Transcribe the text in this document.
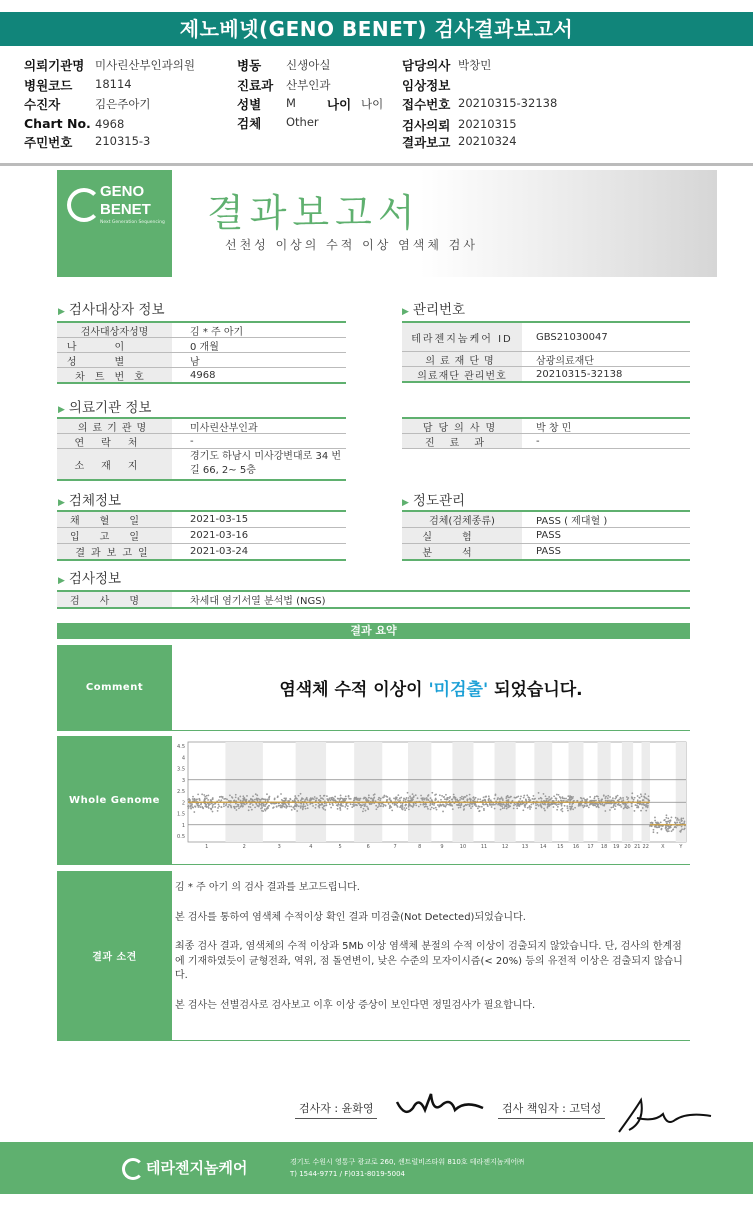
제노베넷(GENO BENET) 검사결과보고서
의뢰기관명 미사린산부인과의원	병동 신생아실	담당의사 박창민
병원코드 18114	진료과 산부인과	임상정보
수진자	김은주아기	성별 M 나이 나이 접수번호 20210315-32138
Chart No. 4968	검체 Other	검사의뢰 20210315
주민번호 210315-3	결과보고 20210324
GENO
BENET
Next Generation Sequencing 결과보고서
선천성 이상의 수적 이상 염색체 검사
▶ 검사대상자 정보
검사대상자성명	김 * 주 아기
나이	0 개월
성별	남
차트번호	4968
▶ 관리번호
테라젠지놈케어 ID	GBS21030047
의료재단명	삼광의료재단
의료재단 관리번호	20210315-32138
▶ 의료기관 정보
의료기관명	미사린산부인과
연락처	-
소재지
경기도 하남시 미사강변대로 34 번길 66, 2~ 5층
담당의사명	박 창 민
진료과	-
▶ 검체정보
채혈일	2021-03-15
입고일	2021-03-16
결과보고일	2021-03-24
▶ 정도관리
검체(검체종류)	PASS ( 제대혈 )
실험	PASS
분석	PASS
▶ 검사정보
검사명	차세대 염기서열 분석법 (NGS)
결과 요약
Comment	염색체 수적 이상이 '미검출' 되었습니다.
Whole Genome
0.5
1
1.5
2
2.5
3
3.5
4
4.5
1	2	3	4	5	6	7	8	9	10	11	12	13 14 15 16 17 18 19 20 21 22 X	Y
결과 소견

김 * 주 아기 의 검사 결과를 보고드립니다.

본 검사를 통하여 염색체 수적이상 확인 결과 미검출(Not Detected)되었습니다.

최종 검사 결과, 염색체의 수적 이상과 5Mb 이상 염색체 분절의 수적 이상이 검출되지 않았습니다. 단, 검사의 한계점에 기재하였듯이 균형전좌, 역위, 점 돌연변이, 낮은 수준의 모자이시즘(< 20%) 등의 유전적 이상은 검출되지 않습니다.

본 검사는 선별검사로 검사보고 이후 이상 증상이 보인다면 정밀검사가 필요합니다.

검사자 : 윤화영	검사 책임자 : 고덕성
테라젠지놈케어	경기도 수원시 영통구 광교로 260, 센트럴비즈타워 810호 테라젠지놈케어㈜
T) 1544-9771 / F)031-8019-5004
